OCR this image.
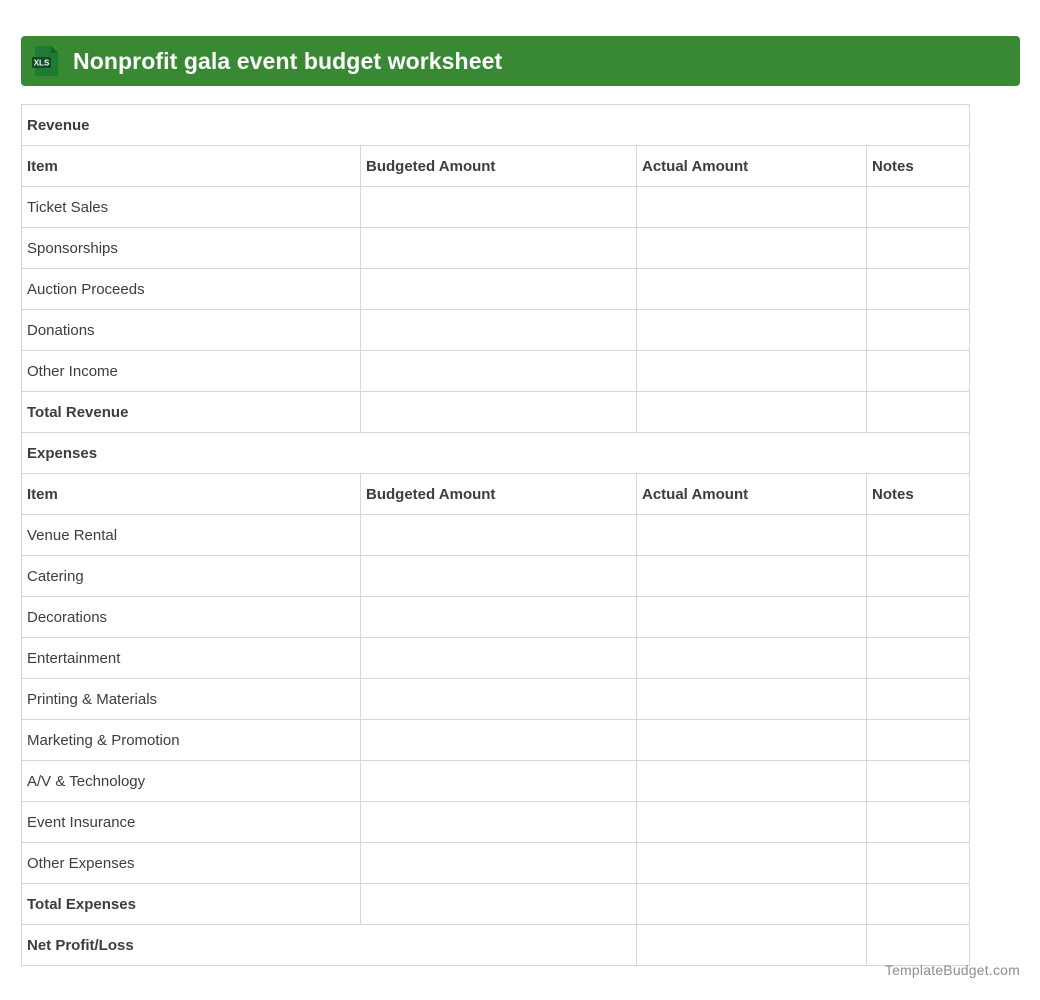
XLS Nonprofit gala event budget worksheet
Revenue			
Item	Budgeted Amount	Actual Amount	Notes
Ticket Sales			
Sponsorships			
Auction Proceeds			
Donations			
Other Income			
Total Revenue			
Expenses			
Item	Budgeted Amount	Actual Amount	Notes
Venue Rental			
Catering			
Decorations			
Entertainment			
Printing & Materials			
Marketing & Promotion			
A/V & Technology			
Event Insurance			
Other Expenses			
Total Expenses			
Net Profit/Loss			
TemplateBudget.com
